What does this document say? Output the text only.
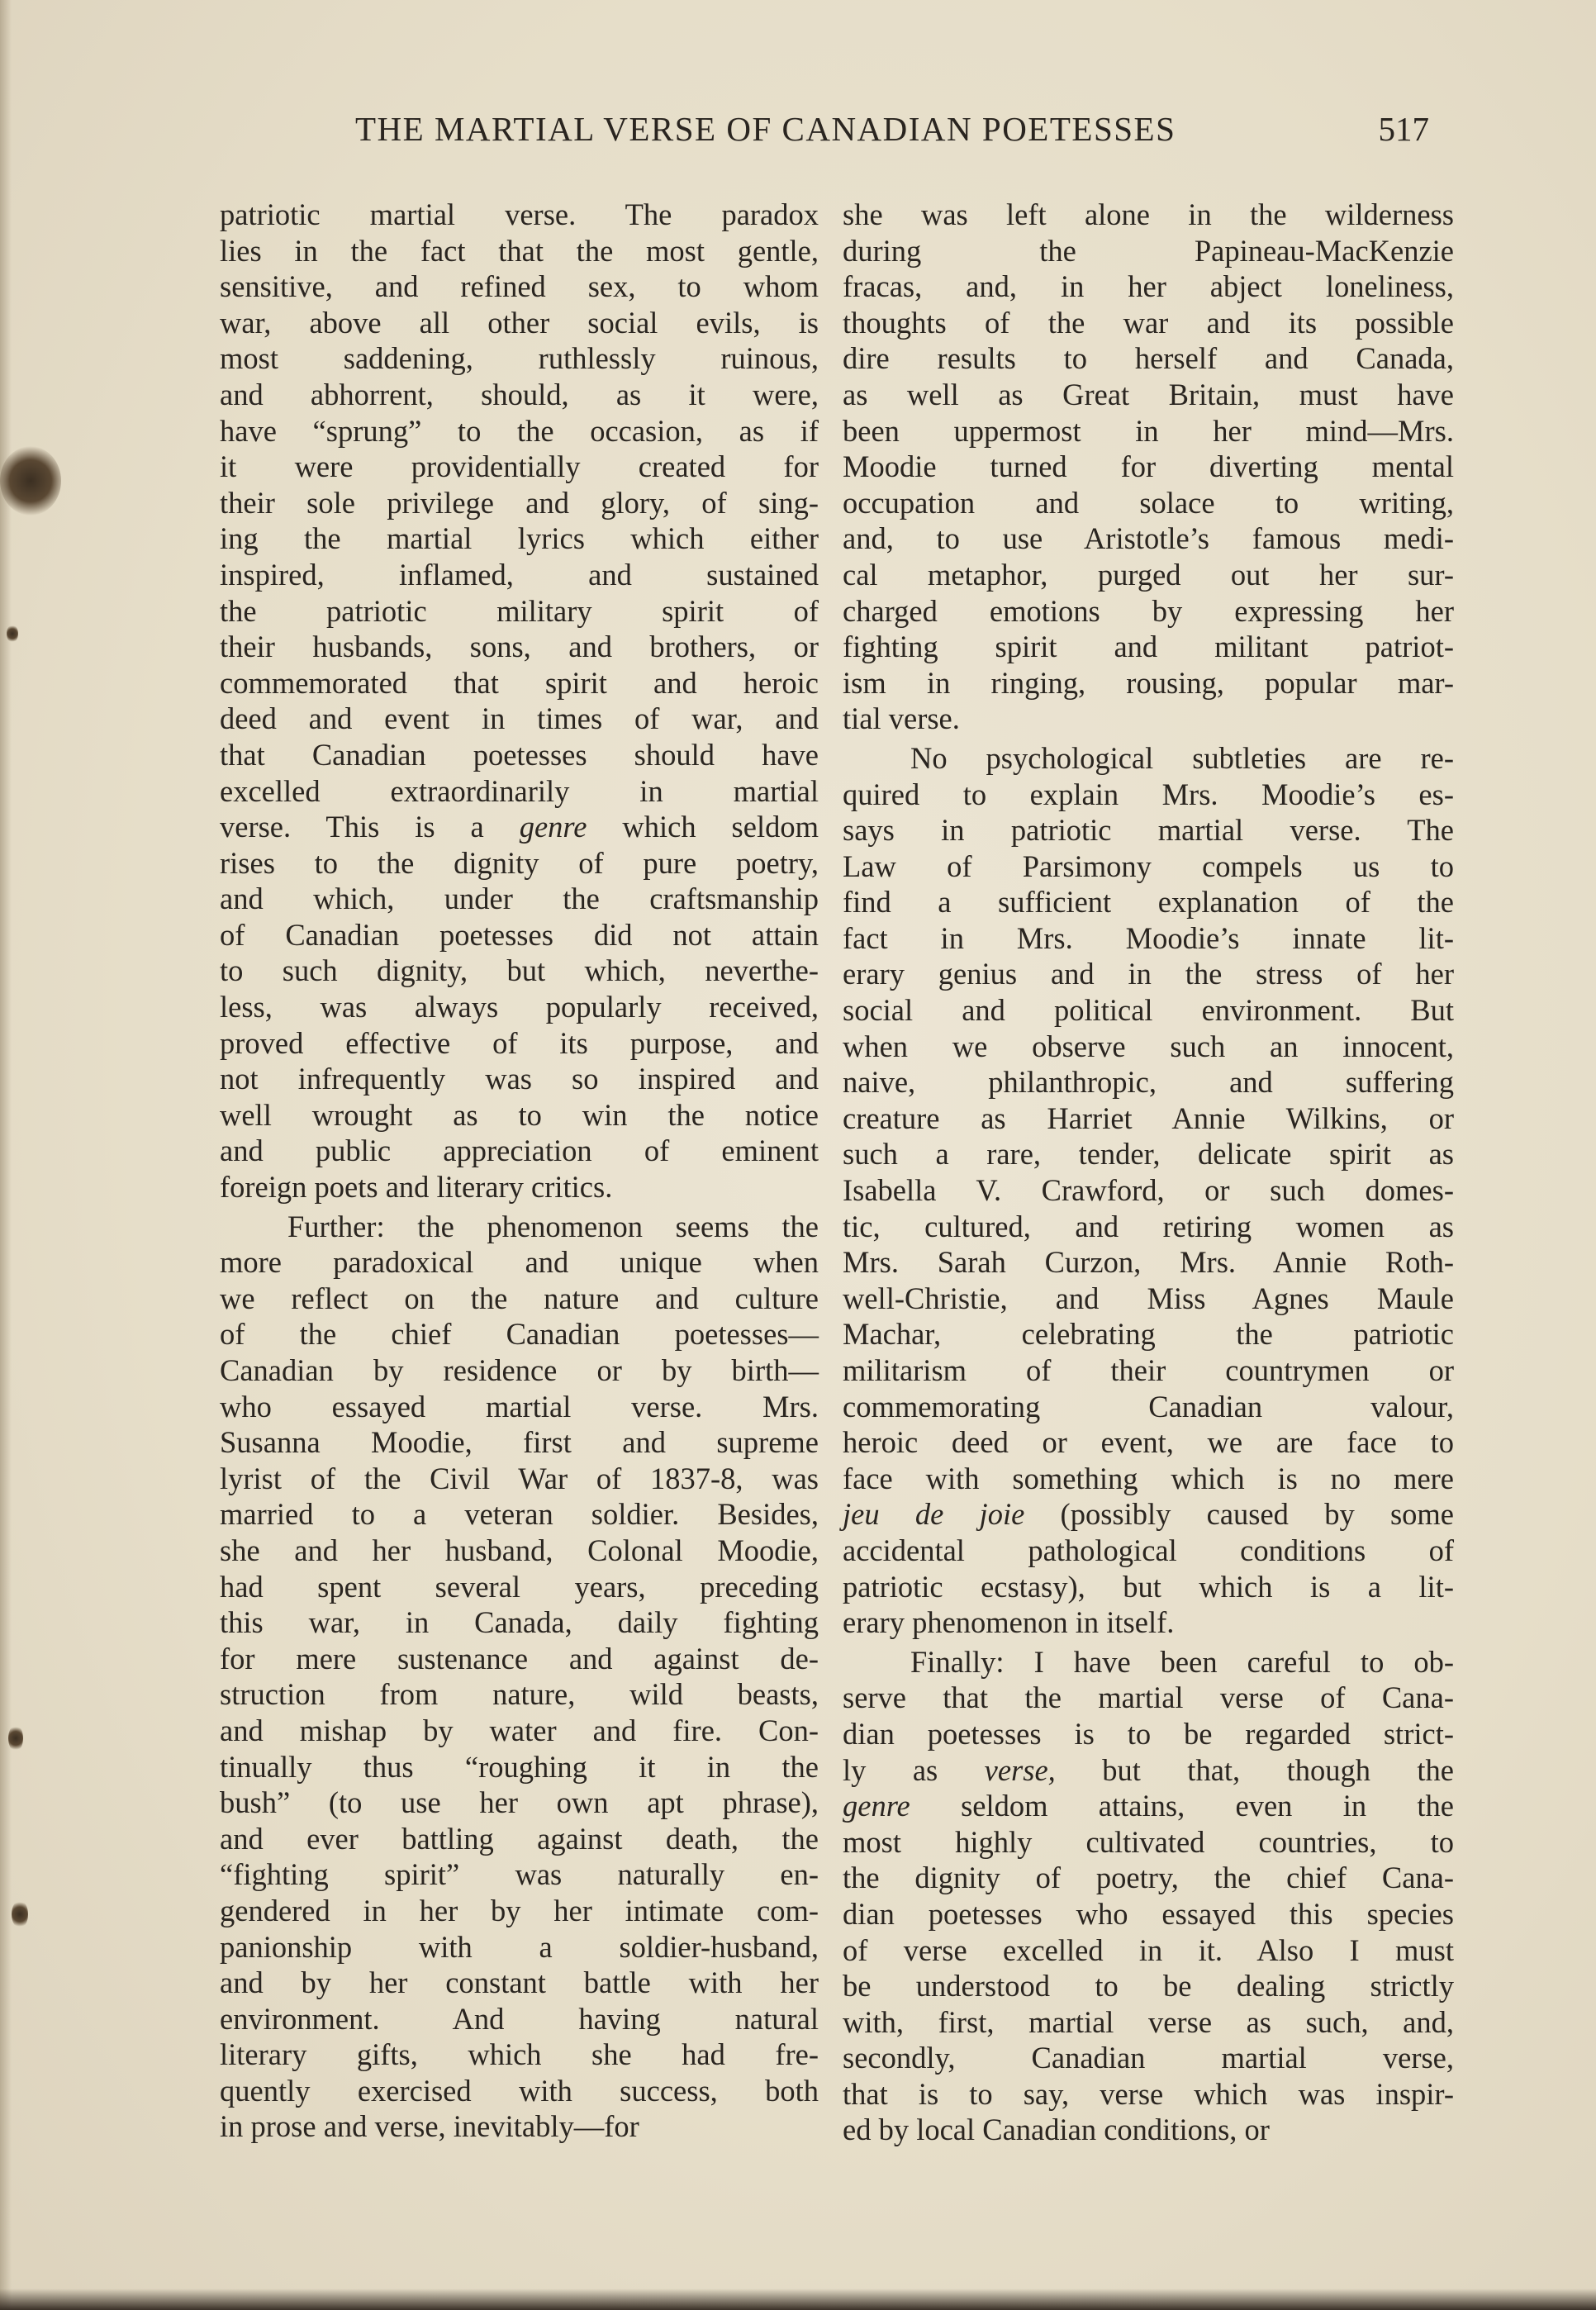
THE MARTIAL VERSE OF CANADIAN POETESSES	517
patriotic martial verse. The paradox
lies in the fact that the most gentle,
sensitive, and refined sex, to whom
war, above all other social evils, is
most saddening, ruthlessly ruinous,
and abhorrent, should, as it were,
have “sprung” to the occasion, as if
it were providentially created for
their sole privilege and glory, of sing-
ing the martial lyrics which either
inspired, inflamed, and sustained
the patriotic military spirit of
their husbands, sons, and brothers, or
commemorated that spirit and heroic
deed and event in times of war, and
that Canadian poetesses should have
excelled extraordinarily in martial
verse. This is a genre which seldom
rises to the dignity of pure poetry,
and which, under the craftsmanship
of Canadian poetesses did not attain
to such dignity, but which, neverthe-
less, was always popularly received,
proved effective of its purpose, and
not infrequently was so inspired and
well wrought as to win the notice
and public appreciation of eminent
foreign poets and literary critics.
Further: the phenomenon seems the
more paradoxical and unique when
we reflect on the nature and culture
of the chief Canadian poetesses—
Canadian by residence or by birth—
who essayed martial verse. Mrs.
Susanna Moodie, first and supreme
lyrist of the Civil War of 1837-8, was
married to a veteran soldier. Besides,
she and her husband, Colonal Moodie,
had spent several years, preceding
this war, in Canada, daily fighting
for mere sustenance and against de-
struction from nature, wild beasts,
and mishap by water and fire. Con-
tinually thus “roughing it in the
bush” (to use her own apt phrase),
and ever battling against death, the
“fighting spirit” was naturally en-
gendered in her by her intimate com-
panionship with a soldier-husband,
and by her constant battle with her
environment. And having natural
literary gifts, which she had fre-
quently exercised with success, both
in prose and verse, inevitably—for
she was left alone in the wilderness
during the Papineau-MacKenzie
fracas, and, in her abject loneliness,
thoughts of the war and its possible
dire results to herself and Canada,
as well as Great Britain, must have
been uppermost in her mind—Mrs.
Moodie turned for diverting mental
occupation and solace to writing,
and, to use Aristotle’s famous medi-
cal metaphor, purged out her sur-
charged emotions by expressing her
fighting spirit and militant patriot-
ism in ringing, rousing, popular mar-
tial verse.
No psychological subtleties are re-
quired to explain Mrs. Moodie’s es-
says in patriotic martial verse. The
Law of Parsimony compels us to
find a sufficient explanation of the
fact in Mrs. Moodie’s innate lit-
erary genius and in the stress of her
social and political environment. But
when we observe such an innocent,
naive, philanthropic, and suffering
creature as Harriet Annie Wilkins, or
such a rare, tender, delicate spirit as
Isabella V. Crawford, or such domes-
tic, cultured, and retiring women as
Mrs. Sarah Curzon, Mrs. Annie Roth-
well-Christie, and Miss Agnes Maule
Machar, celebrating the patriotic
militarism of their countrymen or
commemorating Canadian valour,
heroic deed or event, we are face to
face with something which is no mere
jeu de joie (possibly caused by some
accidental pathological conditions of
patriotic ecstasy), but which is a lit-
erary phenomenon in itself.
Finally: I have been careful to ob-
serve that the martial verse of Cana-
dian poetesses is to be regarded strict-
ly as verse, but that, though the
genre seldom attains, even in the
most highly cultivated countries, to
the dignity of poetry, the chief Cana-
dian poetesses who essayed this species
of verse excelled in it. Also I must
be understood to be dealing strictly
with, first, martial verse as such, and,
secondly, Canadian martial verse,
that is to say, verse which was inspir-
ed by local Canadian conditions, or
